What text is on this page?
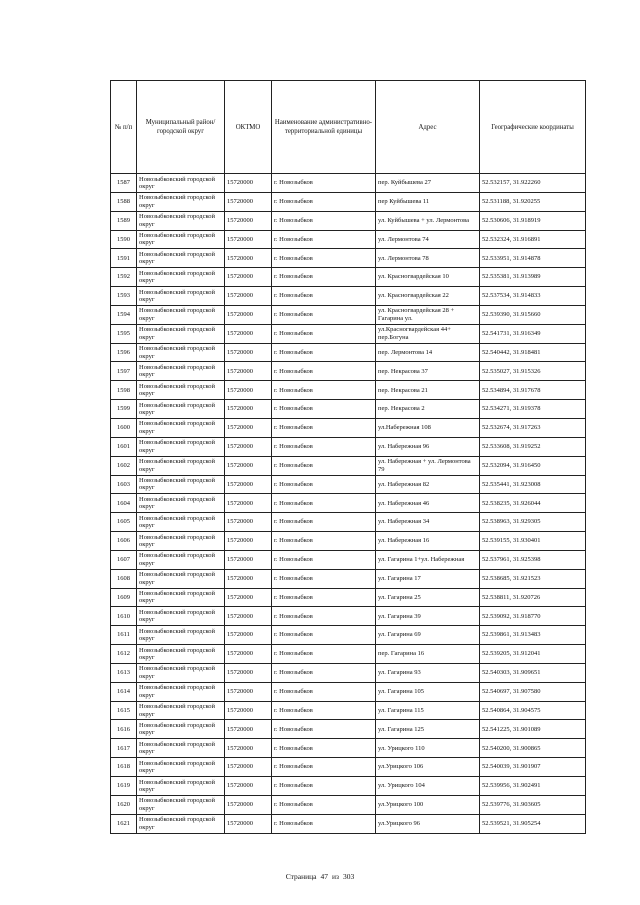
№ п/п	Муниципальный район/городской округ	ОКТМО	Наименование административно-территориальной единицы	Адрес	Географические координаты
1587	Новозыбковский городской округ	15720000	г. Новозыбков	пер. Куйбышева 27	52.532157, 31.922260
1588	Новозыбковский городской округ	15720000	г. Новозыбков	пер Куйбышева 11	52.531188, 31.920255
1589	Новозыбковский городской округ	15720000	г. Новозыбков	ул. Куйбышева + ул. Лермонтова	52.530606, 31.918919
1590	Новозыбковский городской округ	15720000	г. Новозыбков	ул. Лермонтова 74	52.532324, 31.916891
1591	Новозыбковский городской округ	15720000	г. Новозыбков	ул. Лермонтова 78	52.533951, 31.914878
1592	Новозыбковский городской округ	15720000	г. Новозыбков	ул. Красногвардейская 10	52.535381, 31.913989
1593	Новозыбковский городской округ	15720000	г. Новозыбков	ул. Красногвардейская 22	52.537534, 31.914833
1594	Новозыбковский городской округ	15720000	г. Новозыбков	ул. Красногвардейская 28 + Гагарина ул.	52.539390, 31.915660
1595	Новозыбковский городской округ	15720000	г. Новозыбков	ул.Красногвардейская 44+ пер.Богуна	52.541731, 31.916349
1596	Новозыбковский городской округ	15720000	г. Новозыбков	пер. Лермонтова 14	52.540442, 31.918481
1597	Новозыбковский городской округ	15720000	г. Новозыбков	пер. Некрасова 37	52.535027, 31.915326
1598	Новозыбковский городской округ	15720000	г. Новозыбков	пер. Некрасова 21	52.534894, 31.917678
1599	Новозыбковский городской округ	15720000	г. Новозыбков	пер. Некрасова 2	52.534271, 31.919378
1600	Новозыбковский городской округ	15720000	г. Новозыбков	ул.Набережная 108	52.532674, 31.917263
1601	Новозыбковский городской округ	15720000	г. Новозыбков	ул. Набережная 96	52.533608, 31.919252
1602	Новозыбковский городской округ	15720000	г. Новозыбков	ул. Набережная + ул. Лермонтова 79	52.532094, 31.916450
1603	Новозыбковский городской округ	15720000	г. Новозыбков	ул. Набережная 82	52.535441, 31.923008
1604	Новозыбковский городской округ	15720000	г. Новозыбков	ул. Набережная 46	52.538235, 31.926044
1605	Новозыбковский городской округ	15720000	г. Новозыбков	ул. Набережная 34	52.538963, 31.929305
1606	Новозыбковский городской округ	15720000	г. Новозыбков	ул. Набережная 16	52.539155, 31.930401
1607	Новозыбковский городской округ	15720000	г. Новозыбков	ул. Гагарина 1+ул. Набережная	52.537961, 31.925398
1608	Новозыбковский городской округ	15720000	г. Новозыбков	ул. Гагарина 17	52.538685, 31.921523
1609	Новозыбковский городской округ	15720000	г. Новозыбков	ул. Гагарина 25	52.538811, 31.920726
1610	Новозыбковский городской округ	15720000	г. Новозыбков	ул. Гагарина 39	52.539092, 31.918770
1611	Новозыбковский городской округ	15720000	г. Новозыбков	ул. Гагарина 69	52.539861, 31.913483
1612	Новозыбковский городской округ	15720000	г. Новозыбков	пер. Гагарина 16	52.539205, 31.912041
1613	Новозыбковский городской округ	15720000	г. Новозыбков	ул. Гагарина 93	52.540303, 31.909651
1614	Новозыбковский городской округ	15720000	г. Новозыбков	ул. Гагарина 105	52.540697, 31.907580
1615	Новозыбковский городской округ	15720000	г. Новозыбков	ул. Гагарина 115	52.540864, 31.904575
1616	Новозыбковский городской округ	15720000	г. Новозыбков	ул. Гагарина 125	52.541225, 31.901089
1617	Новозыбковский городской округ	15720000	г. Новозыбков	ул. Урицкого 110	52.540200, 31.900865
1618	Новозыбковский городской округ	15720000	г. Новозыбков	ул.Урицкого 106	52.540039, 31.901907
1619	Новозыбковский городской округ	15720000	г. Новозыбков	ул. Урицкого 104	52.539956, 31.902491
1620	Новозыбковский городской округ	15720000	г. Новозыбков	ул.Урицкого 100	52.539776, 31.903605
1621	Новозыбковский городской округ	15720000	г. Новозыбков	ул.Урицкого 96	52.539521, 31.905254
Страница 47 из 303
